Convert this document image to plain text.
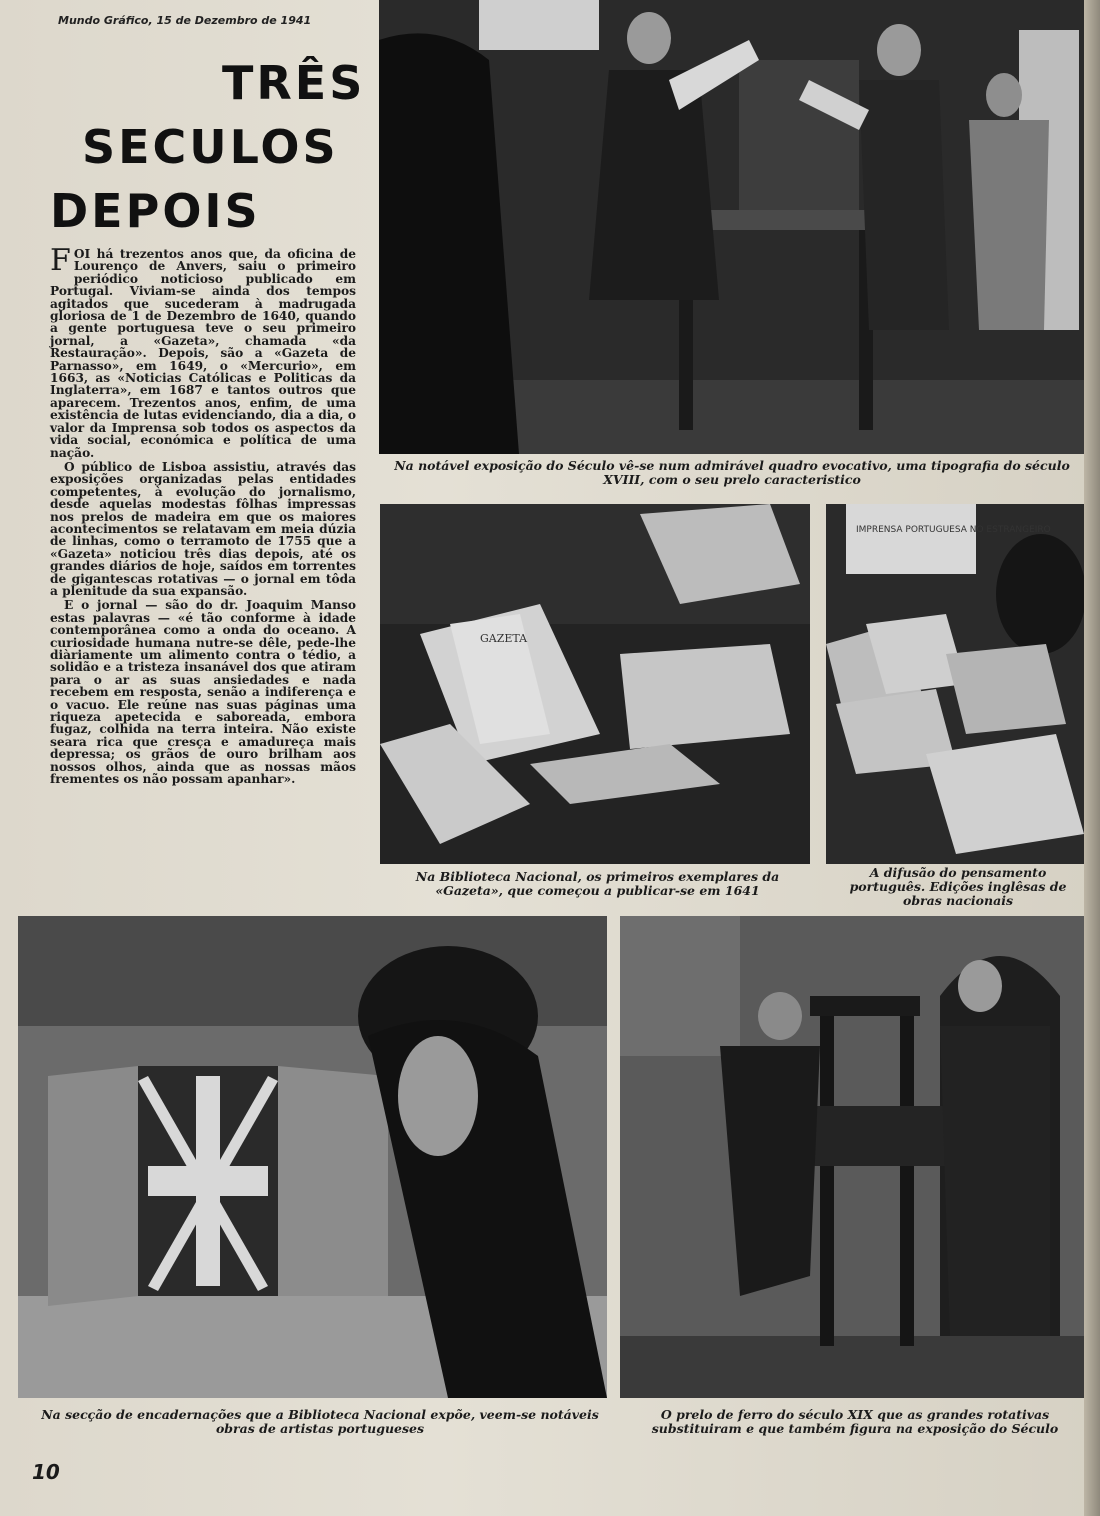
Mundo Gráfico, 15 de Dezembro de 1941
TRÊS
SECULOS
DEPOIS

FOI há trezentos anos que, da oficina de Lourenço de Anvers, saiu o primeiro periódico noticioso publicado em Portugal. Viviam-se ainda dos tempos agitados que sucederam à madrugada gloriosa de 1 de Dezembro de 1640, quando a gente portuguesa teve o seu primeiro jornal, a «Gazeta», chamada «da Restauração». Depois, são a «Gazeta de Parnasso», em 1649, o «Mercurio», em 1663, as «Noticias Católicas e Politicas da Inglaterra», em 1687 e tantos outros que aparecem. Trezentos anos, enfim, de uma existência de lutas evidenciando, dia a dia, o valor da Imprensa sob todos os aspectos da vida social, económica e política de uma nação.

O público de Lisboa assistiu, através das exposições organizadas pelas entidades competentes, à evolução do jornalismo, desde aquelas modestas fôlhas impressas nos prelos de madeira em que os maiores acontecimentos se relatavam em meia dúzia de linhas, como o terramoto de 1755 que a «Gazeta» noticiou três dias depois, até os grandes diários de hoje, saídos em torrentes de gigantescas rotativas — o jornal em tôda a plenitude da sua expansão.

E o jornal — são do dr. Joaquim Manso estas palavras — «é tão conforme à idade contemporânea como a onda do oceano. A curiosidade humana nutre-se dêle, pede-lhe diàriamente um alimento contra o tédio, a solidão e a tristeza insanável dos que atiram para o ar as suas ansiedades e nada recebem em resposta, senão a indiferença e o vacuo. Ele reúne nas suas páginas uma riqueza apetecida e saboreada, embora fugaz, colhida na terra inteira. Não existe seara rica que cresça e amadureça mais depressa; os grãos de ouro brilham aos nossos olhos, ainda que as nossas mãos frementes os não possam apanhar».

Na notável exposição do Século vê-se num admirável quadro evocativo, uma tipografia do século XVIII, com o seu prelo caracteristico
GAZETA
Na Biblioteca Nacional, os primeiros exemplares da «Gazeta», que começou a publicar-se em 1641
IMPRENSA PORTUGUESA NO ESTRANGEIRO
A difusão do pensamento português. Edições inglêsas de obras nacionais
Na secção de encadernações que a Biblioteca Nacional expõe, veem-se notáveis obras de artistas portugueses
O prelo de ferro do século XIX que as grandes rotativas substituiram e que também figura na exposição do Século
10
